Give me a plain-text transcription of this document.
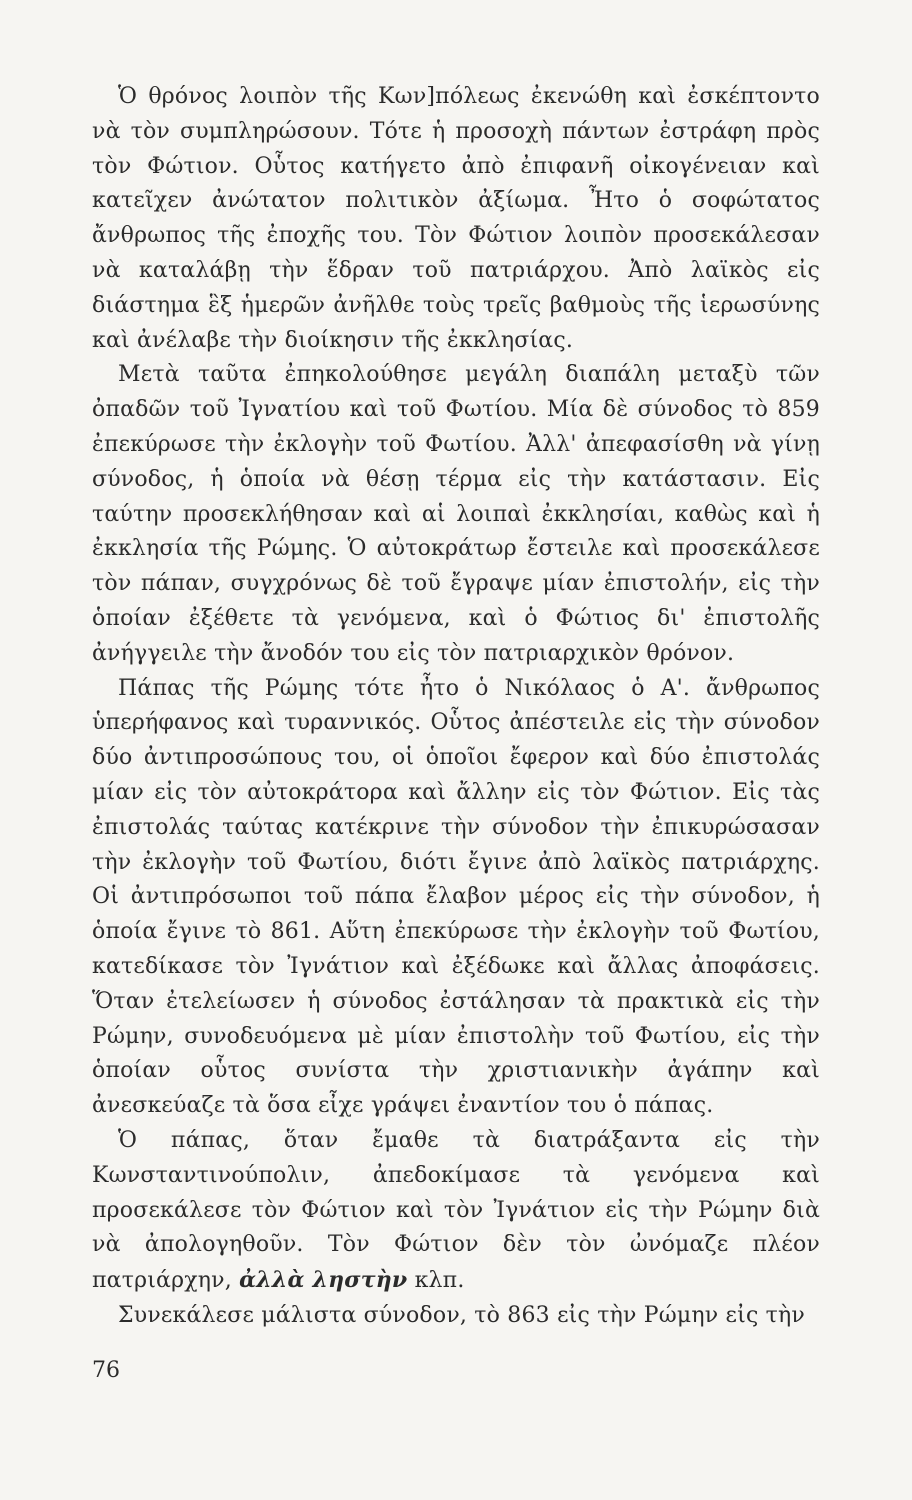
Ὁ θρόνος λοιπὸν τῆς Κων]πόλεως ἐκενώθη καὶ ἐσκέπτοντο νὰ τὸν συμπληρώσουν. Τότε ἡ προσοχὴ πάντων ἐστράφη πρὸς τὸν Φώτιον. Οὗτος κατήγετο ἀπὸ ἐπιφανῆ οἰκογένειαν καὶ κατεῖχεν ἀνώτατον πολιτικὸν ἀξίωμα. Ἦτο ὁ σοφώτατος ἄνθρωπος τῆς ἐποχῆς του. Τὸν Φώτιον λοιπὸν προσεκάλεσαν νὰ καταλάβῃ τὴν ἕδραν τοῦ πατριάρχου. Ἀπὸ λαϊκὸς εἰς διάστημα ἓξ ἡμερῶν ἀνῆλθε τοὺς τρεῖς βαθμοὺς τῆς ἱερωσύνης καὶ ἀνέλαβε τὴν διοίκησιν τῆς ἐκκλησίας.

Μετὰ ταῦτα ἐπηκολούθησε μεγάλη διαπάλη μεταξὺ τῶν ὀπαδῶν τοῦ Ἰγνατίου καὶ τοῦ Φωτίου. Μία δὲ σύνοδος τὸ 859 ἐπεκύρωσε τὴν ἐκλογὴν τοῦ Φωτίου. Ἀλλ' ἀπεφασίσθη νὰ γίνῃ σύνοδος, ἡ ὁποία νὰ θέσῃ τέρμα εἰς τὴν κατάστασιν. Εἰς ταύτην προσεκλήθησαν καὶ αἱ λοιπαὶ ἐκκλησίαι, καθὼς καὶ ἡ ἐκκλησία τῆς Ρώμης. Ὁ αὐτοκράτωρ ἔστειλε καὶ προσεκάλεσε τὸν πάπαν, συγχρόνως δὲ τοῦ ἔγραψε μίαν ἐπιστολήν, εἰς τὴν ὁποίαν ἐξέθετε τὰ γενόμενα, καὶ ὁ Φώτιος δι' ἐπιστολῆς ἀνήγγειλε τὴν ἄνοδόν του εἰς τὸν πατριαρχικὸν θρόνον.

Πάπας τῆς Ρώμης τότε ἦτο ὁ Νικόλαος ὁ Α'. ἄνθρωπος ὑπερήφανος καὶ τυραννικός. Οὗτος ἀπέστειλε εἰς τὴν σύνοδον δύο ἀντιπροσώπους του, οἱ ὁποῖοι ἔφερον καὶ δύο ἐπιστολάς μίαν εἰς τὸν αὐτοκράτορα καὶ ἄλλην εἰς τὸν Φώτιον. Εἰς τὰς ἐπιστολάς ταύτας κατέκρινε τὴν σύνοδον τὴν ἐπικυρώσασαν τὴν ἐκλογὴν τοῦ Φωτίου, διότι ἔγινε ἀπὸ λαϊκὸς πατριάρχης. Οἱ ἀντιπρόσωποι τοῦ πάπα ἔλαβον μέρος εἰς τὴν σύνοδον, ἡ ὁποία ἔγινε τὸ 861. Αὕτη ἐπεκύρωσε τὴν ἐκλογὴν τοῦ Φωτίου, κατεδίκασε τὸν Ἰγνάτιον καὶ ἐξέδωκε καὶ ἄλλας ἀποφάσεις. Ὅταν ἐτελείωσεν ἡ σύνοδος ἐστάλησαν τὰ πρακτικὰ εἰς τὴν Ρώμην, συνοδευόμενα μὲ μίαν ἐπιστολὴν τοῦ Φωτίου, εἰς τὴν ὁποίαν οὗτος συνίστα τὴν χριστιανικὴν ἀγάπην καὶ ἀνεσκεύαζε τὰ ὅσα εἶχε γράψει ἐναντίον του ὁ πάπας.

Ὁ πάπας, ὅταν ἔμαθε τὰ διατράξαντα εἰς τὴν Κωνσταντινούπολιν, ἀπεδοκίμασε τὰ γενόμενα καὶ προσεκάλεσε τὸν Φώτιον καὶ τὸν Ἰγνάτιον εἰς τὴν Ρώμην διὰ νὰ ἀπολογηθοῦν. Τὸν Φώτιον δὲν τὸν ὠνόμαζε πλέον πατριάρχην, ἀλλὰ ληστὴν κλπ.

Συνεκάλεσε μάλιστα σύνοδον, τὸ 863 εἰς τὴν Ρώμην εἰς τὴν

76
